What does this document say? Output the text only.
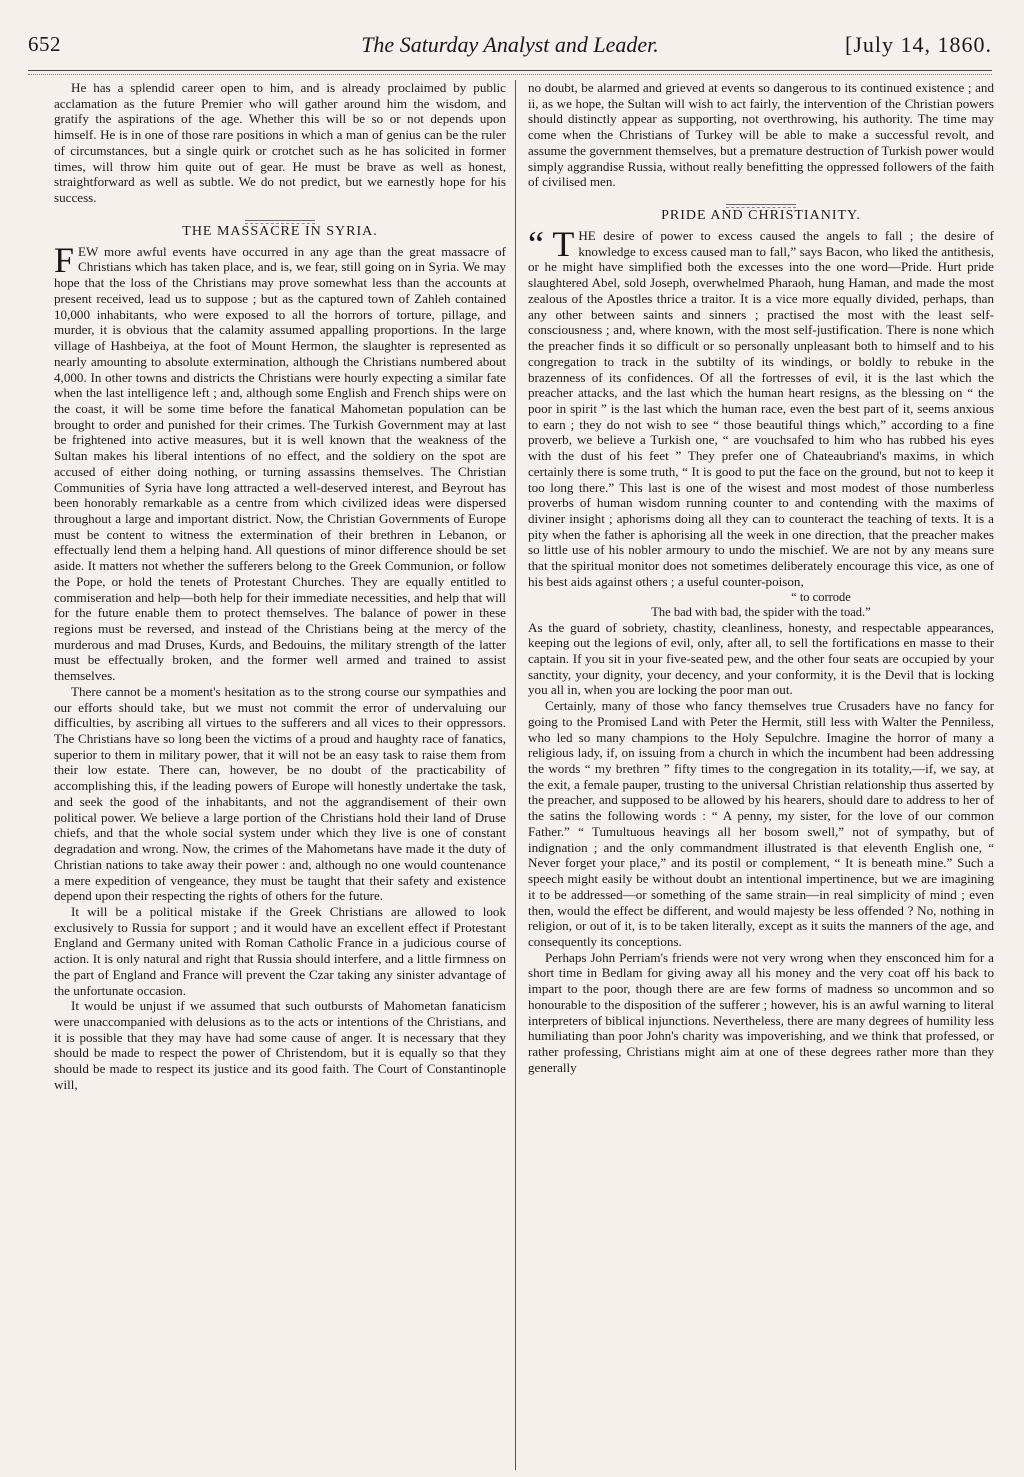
652	The Saturday Analyst and Leader.	[July 14, 1860.

He has a splendid career open to him, and is already proclaimed by public acclamation as the future Premier who will gather around him the wisdom, and gratify the aspirations of the age. Whether this will be so or not depends upon himself. He is in one of those rare positions in which a man of genius can be the ruler of circumstances, but a single quirk or crotchet such as he has solicited in former times, will throw him quite out of gear. He must be brave as well as honest, straightforward as well as subtle. We do not predict, but we earnestly hope for his success.

THE MASSACRE IN SYRIA.

FEW more awful events have occurred in any age than the great massacre of Christians which has taken place, and is, we fear, still going on in Syria. We may hope that the loss of the Christians may prove somewhat less than the accounts at present received, lead us to suppose ; but as the captured town of Zahleh contained 10,000 inhabitants, who were exposed to all the horrors of torture, pillage, and murder, it is obvious that the calamity assumed appalling proportions. In the large village of Hashbeiya, at the foot of Mount Hermon, the slaughter is represented as nearly amounting to absolute extermination, although the Christians numbered about 4,000. In other towns and districts the Christians were hourly expecting a similar fate when the last intelligence left ; and, although some English and French ships were on the coast, it will be some time before the fanatical Mahometan population can be brought to order and punished for their crimes. The Turkish Government may at last be frightened into active measures, but it is well known that the weakness of the Sultan makes his liberal intentions of no effect, and the soldiery on the spot are accused of either doing nothing, or turning assassins themselves. The Christian Communities of Syria have long attracted a well-deserved interest, and Beyrout has been honorably remarkable as a centre from which civilized ideas were dispersed throughout a large and important district. Now, the Christian Governments of Europe must be content to witness the extermination of their brethren in Lebanon, or effectually lend them a helping hand. All questions of minor difference should be set aside. It matters not whether the sufferers belong to the Greek Communion, or follow the Pope, or hold the tenets of Protestant Churches. They are equally entitled to commiseration and help—both help for their immediate necessities, and help that will for the future enable them to protect themselves. The balance of power in these regions must be reversed, and instead of the Christians being at the mercy of the murderous and mad Druses, Kurds, and Bedouins, the military strength of the latter must be effectually broken, and the former well armed and trained to assist themselves.

There cannot be a moment's hesitation as to the strong course our sympathies and our efforts should take, but we must not commit the error of undervaluing our difficulties, by ascribing all virtues to the sufferers and all vices to their oppressors. The Christians have so long been the victims of a proud and haughty race of fanatics, superior to them in military power, that it will not be an easy task to raise them from their low estate. There can, however, be no doubt of the practicability of accomplishing this, if the leading powers of Europe will honestly undertake the task, and seek the good of the inhabitants, and not the aggrandisement of their own political power. We believe a large portion of the Christians hold their land of Druse chiefs, and that the whole social system under which they live is one of constant degradation and wrong. Now, the crimes of the Mahometans have made it the duty of Christian nations to take away their power : and, although no one would countenance a mere expedition of vengeance, they must be taught that their safety and existence depend upon their respecting the rights of others for the future.

It will be a political mistake if the Greek Christians are allowed to look exclusively to Russia for support ; and it would have an excellent effect if Protestant England and Germany united with Roman Catholic France in a judicious course of action. It is only natural and right that Russia should interfere, and a little firmness on the part of England and France will prevent the Czar taking any sinister advantage of the unfortunate occasion.

It would be unjust if we assumed that such outbursts of Mahometan fanaticism were unaccompanied with delusions as to the acts or intentions of the Christians, and it is possible that they may have had some cause of anger. It is necessary that they should be made to respect the power of Christendom, but it is equally so that they should be made to respect its justice and its good faith. The Court of Constantinople will,

no doubt, be alarmed and grieved at events so dangerous to its continued existence ; and ii, as we hope, the Sultan will wish to act fairly, the intervention of the Christian powers should distinctly appear as supporting, not overthrowing, his authority. The time may come when the Christians of Turkey will be able to make a successful revolt, and assume the government themselves, but a premature destruction of Turkish power would simply aggrandise Russia, without really benefitting the oppressed followers of the faith of civilised men.

PRIDE AND CHRISTIANITY.

“ T HE desire of power to excess caused the angels to fall ; the desire of knowledge to excess caused man to fall,” says Bacon, who liked the antithesis, or he might have simplified both the excesses into the one word—Pride. Hurt pride slaughtered Abel, sold Joseph, overwhelmed Pharaoh, hung Haman, and made the most zealous of the Apostles thrice a traitor. It is a vice more equally divided, perhaps, than any other between saints and sinners ; practised the most with the least self-consciousness ; and, where known, with the most self-justification. There is none which the preacher finds it so difficult or so personally unpleasant both to himself and to his congregation to track in the subtilty of its windings, or boldly to rebuke in the brazenness of its confidences. Of all the fortresses of evil, it is the last which the preacher attacks, and the last which the human heart resigns, as the blessing on “ the poor in spirit ” is the last which the human race, even the best part of it, seems anxious to earn ; they do not wish to see “ those beautiful things which,” according to a fine proverb, we believe a Turkish one, “ are vouchsafed to him who has rubbed his eyes with the dust of his feet ” They prefer one of Chateaubriand's maxims, in which certainly there is some truth, “ It is good to put the face on the ground, but not to keep it too long there.” This last is one of the wisest and most modest of those numberless proverbs of human wisdom running counter to and contending with the maxims of diviner insight ; aphorisms doing all they can to counteract the teaching of texts. It is a pity when the father is aphorising all the week in one direction, that the preacher makes so little use of his nobler armoury to undo the mischief. We are not by any means sure that the spiritual monitor does not sometimes deliberately encourage this vice, as one of his best aids against others ; a useful counter-poison,

“ to corrode
The bad with bad, the spider with the toad.”

As the guard of sobriety, chastity, cleanliness, honesty, and respectable appearances, keeping out the legions of evil, only, after all, to sell the fortifications en masse to their captain. If you sit in your five-seated pew, and the other four seats are occupied by your sanctity, your dignity, your decency, and your conformity, it is the Devil that is locking you all in, when you are locking the poor man out.

Certainly, many of those who fancy themselves true Crusaders have no fancy for going to the Promised Land with Peter the Hermit, still less with Walter the Penniless, who led so many champions to the Holy Sepulchre. Imagine the horror of many a religious lady, if, on issuing from a church in which the incumbent had been addressing the words “ my brethren ” fifty times to the congregation in its totality,—if, we say, at the exit, a female pauper, trusting to the universal Christian relationship thus asserted by the preacher, and supposed to be allowed by his hearers, should dare to address to her of the satins the following words : “ A penny, my sister, for the love of our common Father.” “ Tumultuous heavings all her bosom swell,” not of sympathy, but of indignation ; and the only commandment illustrated is that eleventh English one, “ Never forget your place,” and its postil or complement, “ It is beneath mine.” Such a speech might easily be without doubt an intentional impertinence, but we are imagining it to be addressed—or something of the same strain—in real simplicity of mind ; even then, would the effect be different, and would majesty be less offended ? No, nothing in religion, or out of it, is to be taken literally, except as it suits the manners of the age, and consequently its conceptions.

Perhaps John Perriam's friends were not very wrong when they ensconced him for a short time in Bedlam for giving away all his money and the very coat off his back to impart to the poor, though there are are few forms of madness so uncommon and so honourable to the disposition of the sufferer ; however, his is an awful warning to literal interpreters of biblical injunctions. Nevertheless, there are many degrees of humility less humiliating than poor John's charity was impoverishing, and we think that professed, or rather professing, Christians might aim at one of these degrees rather more than they generally
